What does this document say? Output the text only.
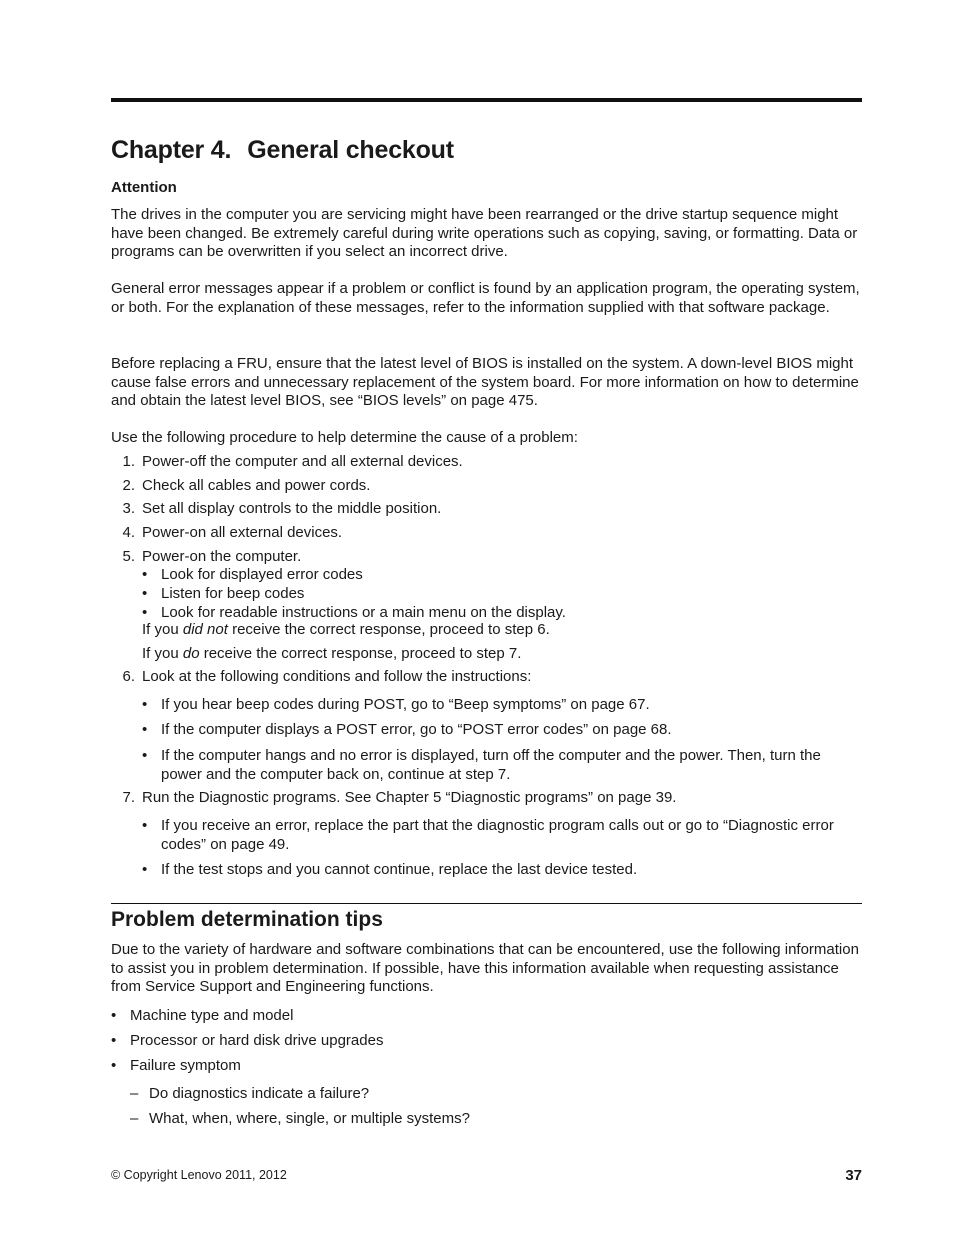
Chapter 4. General checkout
Attention

The drives in the computer you are servicing might have been rearranged or the drive startup sequence might have been changed. Be extremely careful during write operations such as copying, saving, or formatting. Data or programs can be overwritten if you select an incorrect drive.

General error messages appear if a problem or conflict is found by an application program, the operating system, or both. For the explanation of these messages, refer to the information supplied with that software package.

Before replacing a FRU, ensure that the latest level of BIOS is installed on the system. A down-level BIOS might cause false errors and unnecessary replacement of the system board. For more information on how to determine and obtain the latest level BIOS, see “BIOS levels” on page 475.

Use the following procedure to help determine the cause of a problem:

1. Power-off the computer and all external devices.
2. Check all cables and power cords.
3. Set all display controls to the middle position.
4. Power-on all external devices.
5. Power-on the computer.
• Look for displayed error codes
• Listen for beep codes
• Look for readable instructions or a main menu on the display.

If you did not receive the correct response, proceed to step 6.

If you do receive the correct response, proceed to step 7.

6. Look at the following conditions and follow the instructions:
• If you hear beep codes during POST, go to “Beep symptoms” on page 67.
• If the computer displays a POST error, go to “POST error codes” on page 68.
• If the computer hangs and no error is displayed, turn off the computer and the power. Then, turn the power and the computer back on, continue at step 7.
7. Run the Diagnostic programs. See Chapter 5 “Diagnostic programs” on page 39.
• If you receive an error, replace the part that the diagnostic program calls out or go to “Diagnostic error codes” on page 49.
• If the test stops and you cannot continue, replace the last device tested.
Problem determination tips

Due to the variety of hardware and software combinations that can be encountered, use the following information to assist you in problem determination. If possible, have this information available when requesting assistance from Service Support and Engineering functions.

• Machine type and model
• Processor or hard disk drive upgrades
• Failure symptom
– Do diagnostics indicate a failure?
– What, when, where, single, or multiple systems?
© Copyright Lenovo 2011, 2012	37
